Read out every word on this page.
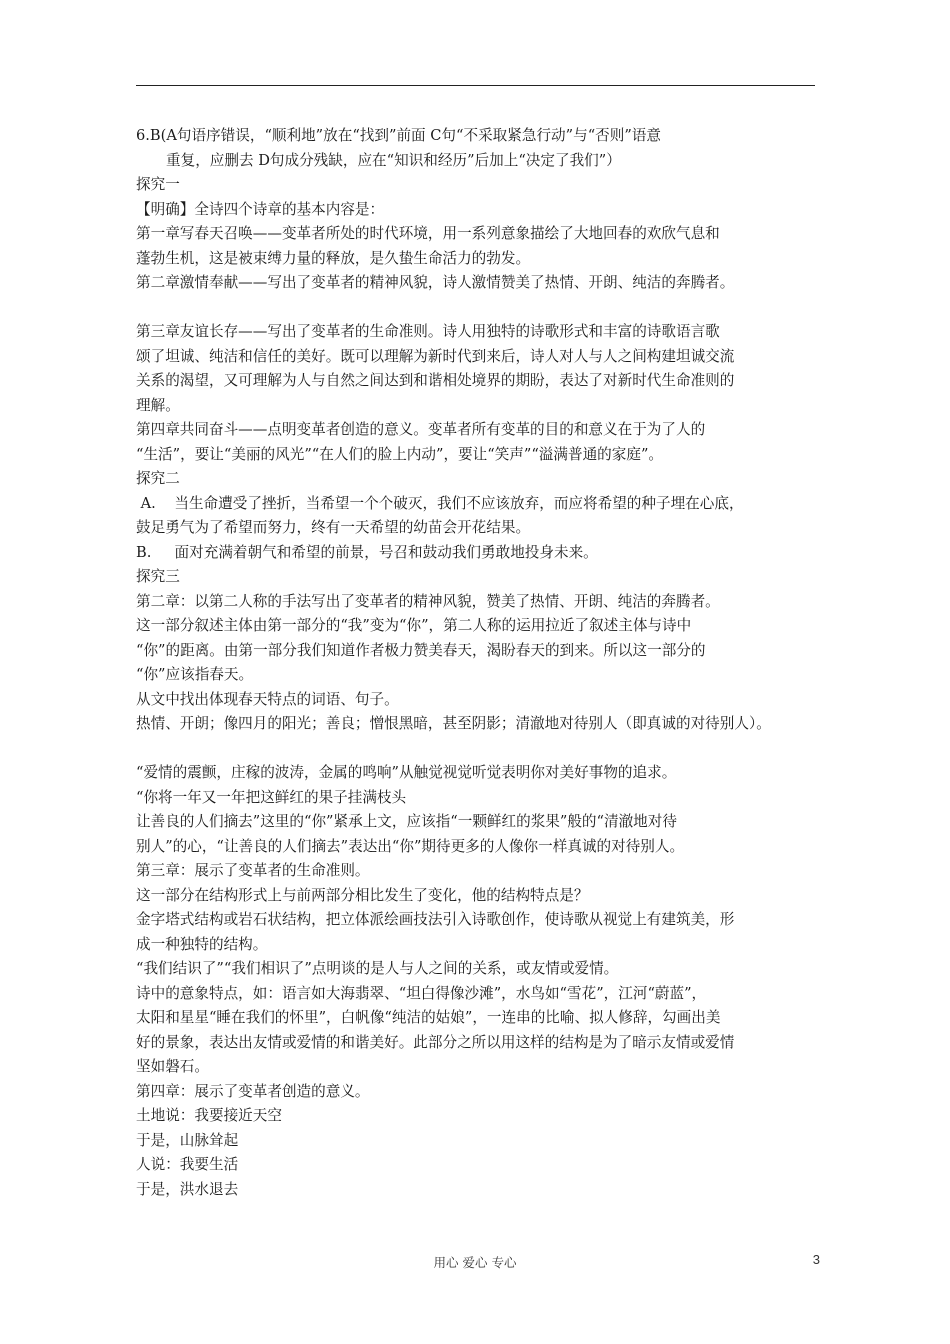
6.B(A句语序错误，“顺利地”放在“找到”前面 C句“不采取紧急行动”与“否则”语意
重复，应删去 D句成分残缺，应在“知识和经历”后加上“决定了我们”）
探究一
【明确】全诗四个诗章的基本内容是：
第一章写春天召唤——变革者所处的时代环境，用一系列意象描绘了大地回春的欢欣气息和
蓬勃生机，这是被束缚力量的释放，是久蛰生命活力的勃发。
第二章激情奉献——写出了变革者的精神风貌，诗人激情赞美了热情、开朗、纯洁的奔腾者。
第三章友谊长存——写出了变革者的生命准则。诗人用独特的诗歌形式和丰富的诗歌语言歌
颂了坦诚、纯洁和信任的美好。既可以理解为新时代到来后，诗人对人与人之间构建坦诚交流
关系的渴望，又可理解为人与自然之间达到和谐相处境界的期盼，表达了对新时代生命准则的
理解。
第四章共同奋斗——点明变革者创造的意义。变革者所有变革的目的和意义在于为了人的
“生活”，要让“美丽的风光”“在人们的脸上内动”，要让“笑声”“溢满普通的家庭”。
探究二
A.    当生命遭受了挫折，当希望一个个破灭，我们不应该放弃，而应将希望的种子埋在心底，
鼓足勇气为了希望而努力，终有一天希望的幼苗会开花结果。
B.     面对充满着朝气和希望的前景，号召和鼓动我们勇敢地投身未来。
探究三
第二章：以第二人称的手法写出了变革者的精神风貌，赞美了热情、开朗、纯洁的奔腾者。
这一部分叙述主体由第一部分的“我”变为“你”，第二人称的运用拉近了叙述主体与诗中
“你”的距离。由第一部分我们知道作者极力赞美春天，渴盼春天的到来。所以这一部分的
“你”应该指春天。
从文中找出体现春天特点的词语、句子。
热情、开朗；像四月的阳光；善良；憎恨黑暗，甚至阴影；清澈地对待别人（即真诚的对待别人）。
“爱情的震颤，庄稼的波涛，金属的鸣响”从触觉视觉听觉表明你对美好事物的追求。
“你将一年又一年把这鲜红的果子挂满枝头
让善良的人们摘去”这里的“你”紧承上文，应该指“一颗鲜红的浆果”般的“清澈地对待
别人”的心，“让善良的人们摘去”表达出“你”期待更多的人像你一样真诚的对待别人。
第三章：展示了变革者的生命准则。
这一部分在结构形式上与前两部分相比发生了变化，他的结构特点是？
金字塔式结构或岩石状结构，把立体派绘画技法引入诗歌创作，使诗歌从视觉上有建筑美，形
成一种独特的结构。
“我们结识了”“我们相识了”点明谈的是人与人之间的关系，或友情或爱情。
诗中的意象特点，如：语言如大海翡翠、“坦白得像沙滩”，水鸟如“雪花”，江河“蔚蓝”，
太阳和星星“睡在我们的怀里”，白帆像“纯洁的姑娘”，一连串的比喻、拟人修辞，勾画出美
好的景象，表达出友情或爱情的和谐美好。此部分之所以用这样的结构是为了暗示友情或爱情
坚如磐石。
第四章：展示了变革者创造的意义。
土地说：我要接近天空
于是，山脉耸起
人说：我要生活
于是，洪水退去
用心 爱心 专心	3
